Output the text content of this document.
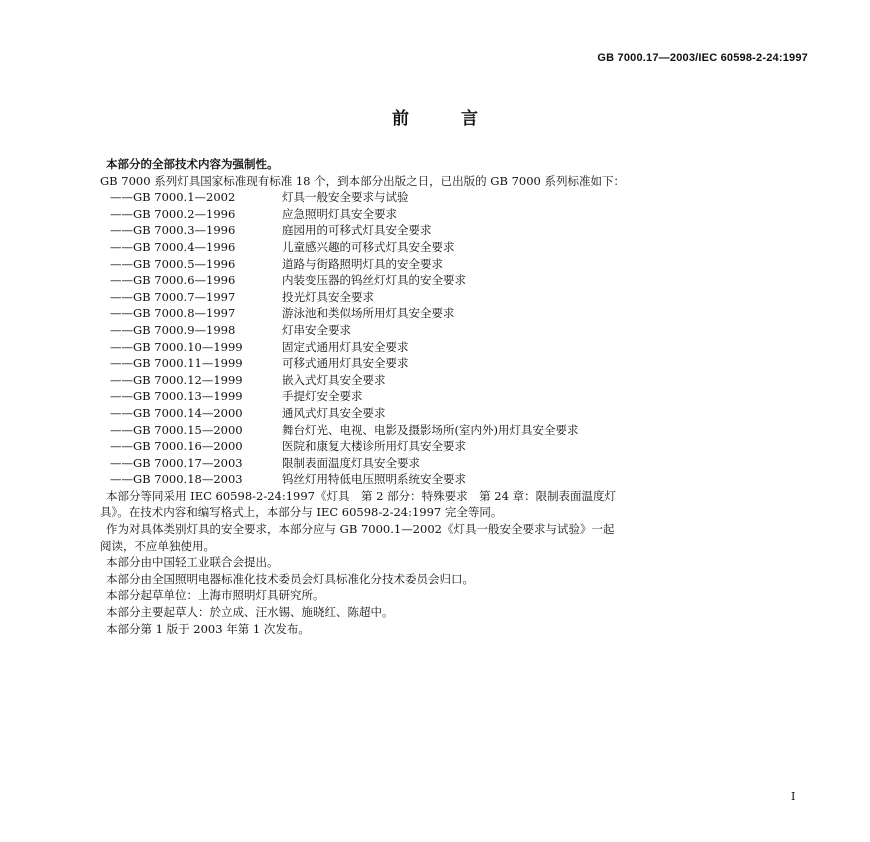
GB 7000.17—2003/IEC 60598-2-24:1997
前 言
本部分的全部技术内容为强制性。
GB 7000 系列灯具国家标准现有标准 18 个，到本部分出版之日，已出版的 GB 7000 系列标准如下：
——GB 7000.1—2002	灯具一般安全要求与试验
——GB 7000.2—1996	应急照明灯具安全要求
——GB 7000.3—1996	庭园用的可移式灯具安全要求
——GB 7000.4—1996	儿童感兴趣的可移式灯具安全要求
——GB 7000.5—1996	道路与街路照明灯具的安全要求
——GB 7000.6—1996	内装变压器的钨丝灯灯具的安全要求
——GB 7000.7—1997	投光灯具安全要求
——GB 7000.8—1997	游泳池和类似场所用灯具安全要求
——GB 7000.9—1998	灯串安全要求
——GB 7000.10—1999	固定式通用灯具安全要求
——GB 7000.11—1999	可移式通用灯具安全要求
——GB 7000.12—1999	嵌入式灯具安全要求
——GB 7000.13—1999	手提灯安全要求
——GB 7000.14—2000	通风式灯具安全要求
——GB 7000.15—2000	舞台灯光、电视、电影及摄影场所(室内外)用灯具安全要求
——GB 7000.16—2000	医院和康复大楼诊所用灯具安全要求
——GB 7000.17—2003	限制表面温度灯具安全要求
——GB 7000.18—2003	钨丝灯用特低电压照明系统安全要求
本部分等同采用 IEC 60598-2-24:1997《灯具　第 2 部分：特殊要求　第 24 章：限制表面温度灯
具》。在技术内容和编写格式上，本部分与 IEC 60598-2-24:1997 完全等同。
作为对具体类别灯具的安全要求，本部分应与 GB 7000.1—2002《灯具一般安全要求与试验》一起
阅读，不应单独使用。
本部分由中国轻工业联合会提出。
本部分由全国照明电器标准化技术委员会灯具标准化分技术委员会归口。
本部分起草单位：上海市照明灯具研究所。
本部分主要起草人：於立成、汪水锡、施晓红、陈超中。
本部分第 1 版于 2003 年第 1 次发布。
I
